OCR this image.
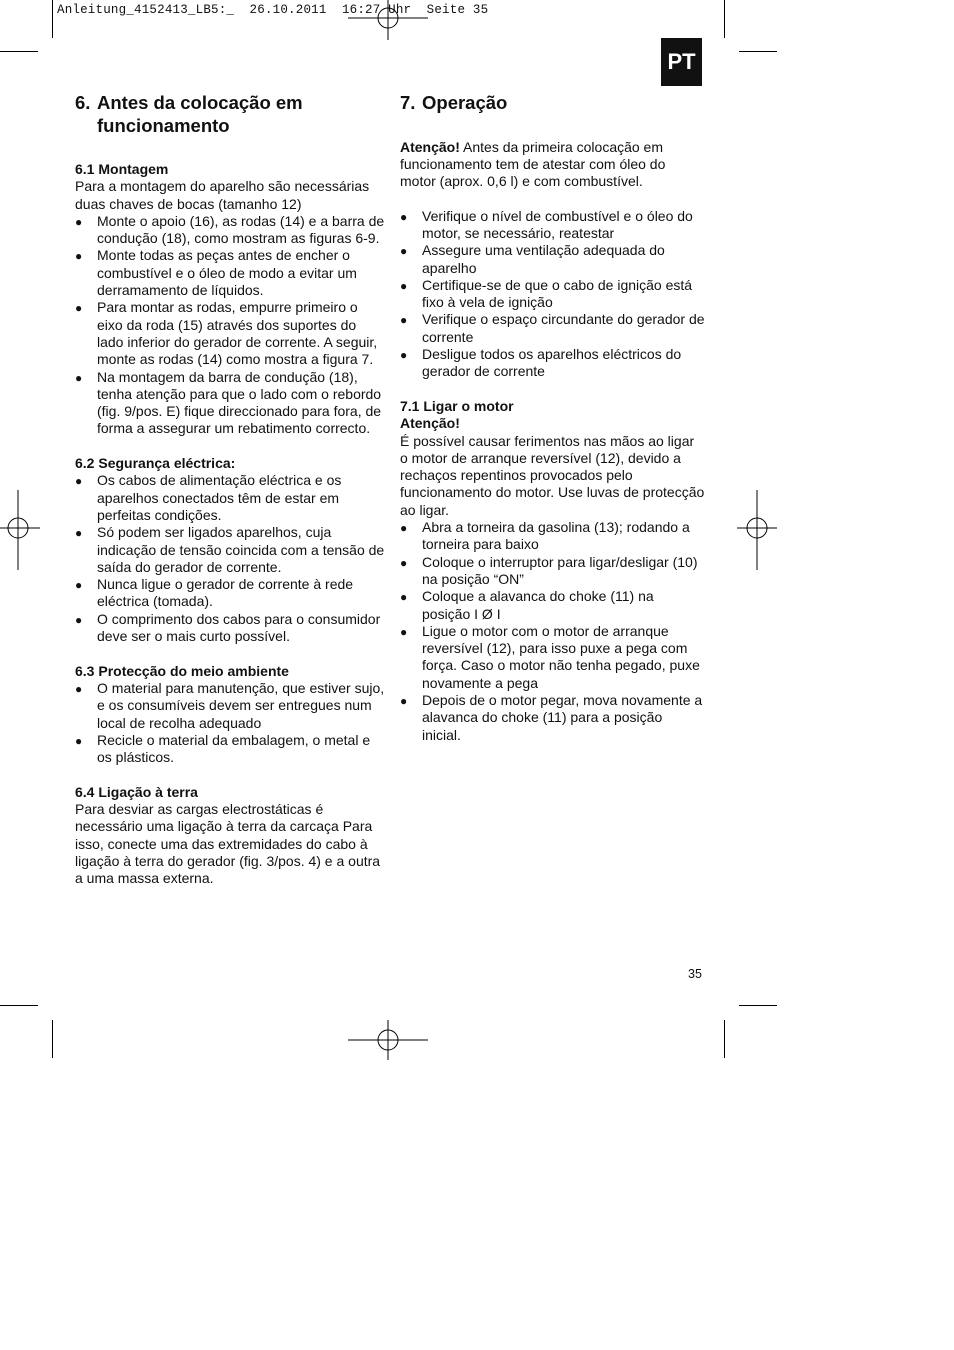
Anleitung_4152413_LB5:_  26.10.2011  16:27 Uhr  Seite 35
PT
6. Antes da colocação em funcionamento
6.1 Montagem

Para a montagem do aparelho são necessárias duas chaves de bocas (tamanho 12)

● Monte o apoio (16), as rodas (14) e a barra de condução (18), como mostram as figuras 6-9.
● Monte todas as peças antes de encher o combustível e o óleo de modo a evitar um derramamento de líquidos.
● Para montar as rodas, empurre primeiro o eixo da roda (15) através dos suportes do lado inferior do gerador de corrente. A seguir, monte as rodas (14) como mostra a figura 7.
● Na montagem da barra de condução (18), tenha atenção para que o lado com o rebordo (fig. 9/pos. E) fique direccionado para fora, de forma a assegurar um rebatimento correcto.
6.2 Segurança eléctrica:
● Os cabos de alimentação eléctrica e os aparelhos conectados têm de estar em perfeitas condições.
● Só podem ser ligados aparelhos, cuja indicação de tensão coincida com a tensão de saída do gerador de corrente.
● Nunca ligue o gerador de corrente à rede eléctrica (tomada).
● O comprimento dos cabos para o consumidor deve ser o mais curto possível.
6.3 Protecção do meio ambiente
● O material para manutenção, que estiver sujo, e os consumíveis devem ser entregues num local de recolha adequado
● Recicle o material da embalagem, o metal e os plásticos.
6.4 Ligação à terra

Para desviar as cargas electrostáticas é necessário uma ligação à terra da carcaça Para isso, conecte uma das extremidades do cabo à ligação à terra do gerador (fig. 3/pos. 4) e a outra a uma massa externa.

7. Operação

Atenção! Antes da primeira colocação em funcionamento tem de atestar com óleo do motor (aprox. 0,6 l) e com combustível.

● Verifique o nível de combustível e o óleo do motor, se necessário, reatestar
● Assegure uma ventilação adequada do aparelho
● Certifique-se de que o cabo de ignição está fixo à vela de ignição
● Verifique o espaço circundante do gerador de corrente
● Desligue todos os aparelhos eléctricos do gerador de corrente
7.1 Ligar o motor
Atenção!

É possível causar ferimentos nas mãos ao ligar o motor de arranque reversível (12), devido a rechaços repentinos provocados pelo funcionamento do motor. Use luvas de protecção ao ligar.

● Abra a torneira da gasolina (13); rodando a torneira para baixo
● Coloque o interruptor para ligar/desligar (10) na posição “ON”
● Coloque a alavanca do choke (11) na posição I Ø I
● Ligue o motor com o motor de arranque reversível (12), para isso puxe a pega com força. Caso o motor não tenha pegado, puxe novamente a pega
● Depois de o motor pegar, mova novamente a alavanca do choke (11) para a posição inicial.
35
